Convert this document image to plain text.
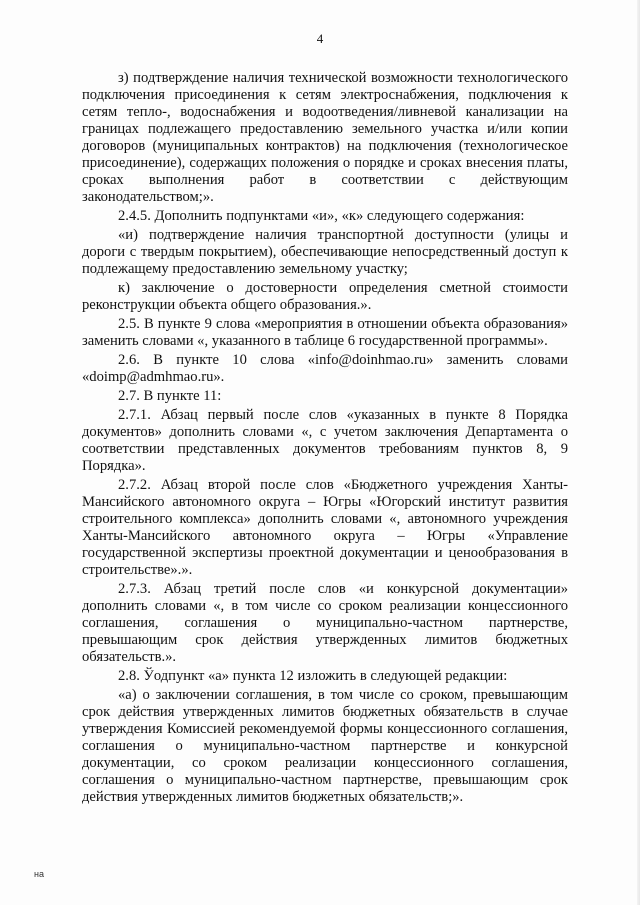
4

з) подтверждение наличия технической возможности технологического подключения присоединения к сетям электроснабжения, подключения к сетям тепло-, водоснабжения и водоотведения/ливневой канализации на границах подлежащего предоставлению земельного участка и/или копии договоров (муниципальных контрактов) на подключения (технологическое присоединение), содержащих положения о порядке и сроках внесения платы, сроках выполнения работ в соответствии с действующим законодательством;».

2.4.5. Дополнить подпунктами «и», «к» следующего содержания:

«и) подтверждение наличия транспортной доступности (улицы и дороги с твердым покрытием), обеспечивающие непосредственный доступ к подлежащему предоставлению земельному участку;

к) заключение о достоверности определения сметной стоимости реконструкции объекта общего образования.».

2.5. В пункте 9 слова «мероприятия в отношении объекта образования» заменить словами «, указанного в таблице 6 государственной программы».

2.6. В пункте 10 слова «info@doinhmao.ru» заменить словами «doimp@admhmao.ru».

2.7. В пункте 11:

2.7.1. Абзац первый после слов «указанных в пункте 8 Порядка документов» дополнить словами «, с учетом заключения Департамента о соответствии представленных документов требованиям пунктов 8, 9 Порядка».

2.7.2. Абзац второй после слов «Бюджетного учреждения Ханты-Мансийского автономного округа – Югры «Югорский институт развития строительного комплекса» дополнить словами «, автономного учреждения Ханты-Мансийского автономного округа – Югры «Управление государственной экспертизы проектной документации и ценообразования в строительстве».».

2.7.3. Абзац третий после слов «и конкурсной документации» дополнить словами «, в том числе со сроком реализации концессионного соглашения, соглашения о муниципально-частном партнерстве, превышающим срок действия утвержденных лимитов бюджетных обязательств.».

2.8. Ўодпункт «а» пункта 12 изложить в следующей редакции:

«а) о заключении соглашения, в том числе со сроком, превышающим срок действия утвержденных лимитов бюджетных обязательств в случае утверждения Комиссией рекомендуемой формы концессионного соглашения, соглашения о муниципально-частном партнерстве и конкурсной документации, со сроком реализации концессионного соглашения, соглашения о муниципально-частном партнерстве, превышающим срок действия утвержденных лимитов бюджетных обязательств;».

на
